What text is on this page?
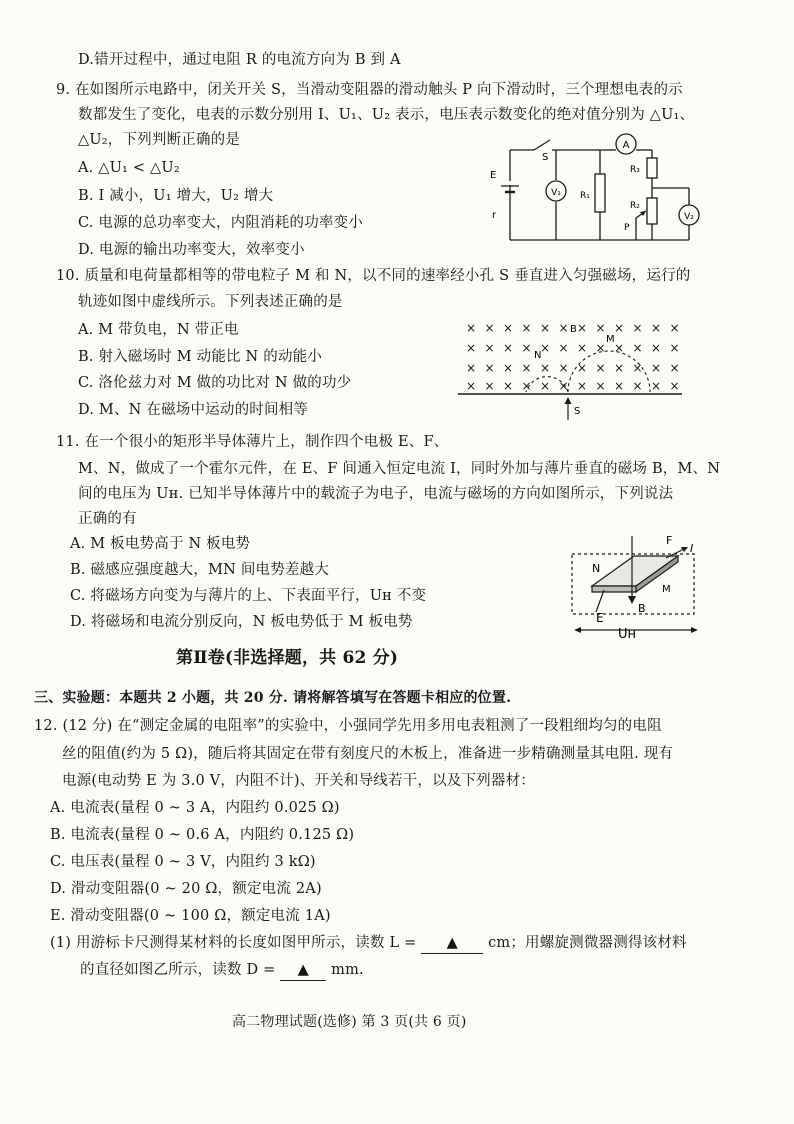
D.错开过程中，通过电阻 R 的电流方向为 B 到 A
9. 在如图所示电路中，闭关开关 S，当滑动变阻器的滑动触头 P 向下滑动时，三个理想电表的示
数都发生了变化，电表的示数分别用 I、U₁、U₂ 表示，电压表示数变化的绝对值分别为 △U₁、
△U₂，下列判断正确的是
A. △U₁ < △U₂
B. I 减小，U₁ 增大，U₂ 增大
C. 电源的总功率变大，内阻消耗的功率变小
D. 电源的输出功率变大，效率变小
A
S
E
r
V₁ R₁
R₃
R₂
P
V₂
10. 质量和电荷量都相等的带电粒子 M 和 N，以不同的速率经小孔 S 垂直进入匀强磁场，运行的
轨迹如图中虚线所示。下列表述正确的是
A. M 带负电，N 带正电
B. 射入磁场时 M 动能比 N 的动能小
C. 洛伦兹力对 M 做的功比对 N 做的功少
D. M、N 在磁场中运动的时间相等
× × × × × × × × × × × ×
× × × × × × × × × × × ×
× × × × × × × × × × × ×
× × × × × × × × × × × ×
B
M
N
S
11. 在一个很小的矩形半导体薄片上，制作四个电极 E、F、
M、N，做成了一个霍尔元件，在 E、F 间通入恒定电流 I，同时外加与薄片垂直的磁场 B，M、N
间的电压为 Uʜ. 已知半导体薄片中的载流子为电子，电流与磁场的方向如图所示，下列说法
正确的有
A. M 板电势高于 N 板电势
B. 磁感应强度越大，MN 间电势差越大
C. 将磁场方向变为与薄片的上、下表面平行，Uʜ 不变
D. 将磁场和电流分别反向，N 板电势低于 M 板电势
F
I
N
M
B
E
Uʜ
第Ⅱ卷(非选择题，共 62 分)
三、实验题：本题共 2 小题，共 20 分. 请将解答填写在答题卡相应的位置.
12. (12 分) 在“测定金属的电阻率”的实验中，小强同学先用多用电表粗测了一段粗细均匀的电阻
丝的阻值(约为 5 Ω)，随后将其固定在带有刻度尺的木板上，准备进一步精确测量其电阻. 现有
电源(电动势 E 为 3.0 V，内阻不计)、开关和导线若干，以及下列器材：
A. 电流表(量程 0 ~ 3 A，内阻约 0.025 Ω)
B. 电流表(量程 0 ~ 0.6 A，内阻约 0.125 Ω)
C. 电压表(量程 0 ~ 3 V，内阻约 3 kΩ)
D. 滑动变阻器(0 ~ 20 Ω，额定电流 2A)
E. 滑动变阻器(0 ~ 100 Ω，额定电流 1A)
(1) 用游标卡尺测得某材料的长度如图甲所示，读数 L = ▲ cm；用螺旋测微器测得该材料
的直径如图乙所示，读数 D = ▲ mm.
高二物理试题(选修) 第 3 页(共 6 页)
